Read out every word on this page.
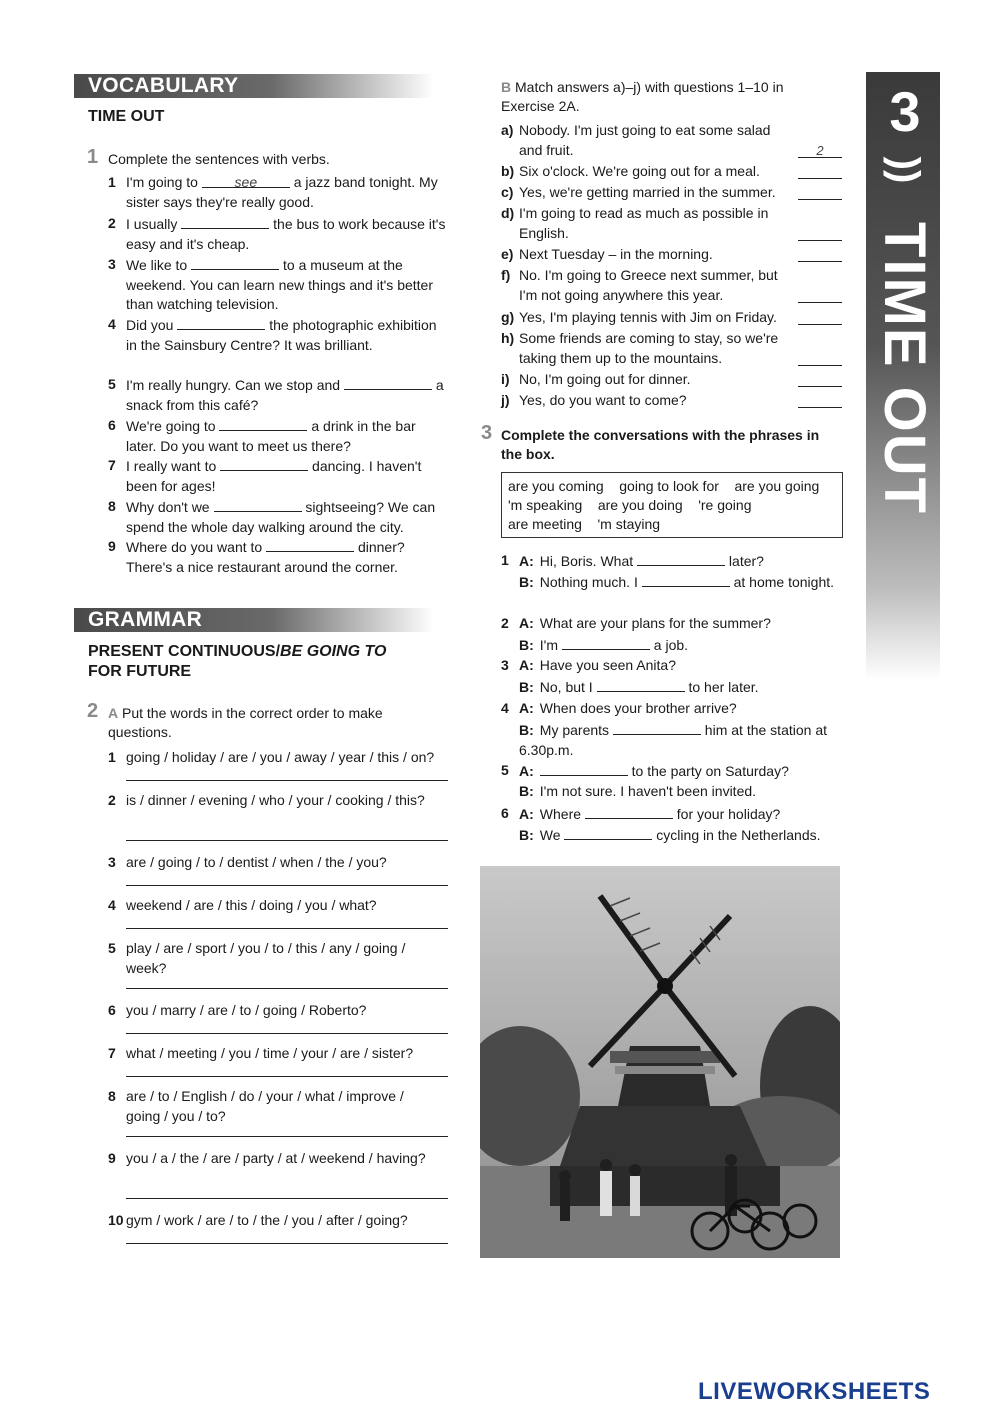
3
))
TIME OUT
VOCABULARY
TIME OUT
1 Complete the sentences with verbs.
1 I'm going to see a jazz band tonight. My sister says they're really good.
2 I usually	the bus to work because it's easy and it's cheap.
3 We like to	to a museum at the weekend. You can learn new things and it's better than watching television.
4 Did you	the photographic exhibition in the Sainsbury Centre? It was brilliant.
5 I'm really hungry. Can we stop and	a snack from this café?
6 We're going to	a drink in the bar later. Do you want to meet us there?
7 I really want to	dancing. I haven't been for ages!
8 Why don't we	sightseeing? We can spend the whole day walking around the city.
9 Where do you want to	dinner? There's a nice restaurant around the corner.
GRAMMAR
PRESENT CONTINUOUS/BE GOING TO
FOR FUTURE
2 A Put the words in the correct order to make questions.
1 going / holiday / are / you / away / year / this / on?
2 is / dinner / evening / who / your / cooking / this?
3 are / going / to / dentist / when / the / you?
4 weekend / are / this / doing / you / what?
5 play / are / sport / you / to / this / any / going / week?
6 you / marry / are / to / going / Roberto?
7 what / meeting / you / time / your / are / sister?
8 are / to / English / do / your / what / improve / going / you / to?
9 you / a / the / are / party / at / weekend / having?
10 gym / work / are / to / the / you / after / going?
B Match answers a)–j) with questions 1–10 in Exercise 2A.
a) Nobody. I'm just going to eat some salad and fruit.	2
b) Six o'clock. We're going out for a meal.
c) Yes, we're getting married in the summer.
d) I'm going to read as much as possible in English.
e) Next Tuesday – in the morning.
f) No. I'm going to Greece next summer, but I'm not going anywhere this year.
g) Yes, I'm playing tennis with Jim on Friday.
h) Some friends are coming to stay, so we're taking them up to the mountains.
i) No, I'm going out for dinner.
j) Yes, do you want to come?
3 Complete the conversations with the phrases in the box.
are you coming    going to look for    are you going
'm speaking    are you doing    're going
are meeting    'm staying
1 A: Hi, Boris. What	later?
B: Nothing much. I	at home tonight.
2 A: What are your plans for the summer?
B: I'm	a job.
3 A: Have you seen Anita?
B: No, but I	to her later.
4 A: When does your brother arrive?
B: My parents	him at the station at 6.30p.m.
5 A:	to the party on Saturday?
B: I'm not sure. I haven't been invited.
6 A: Where	for your holiday?
B: We	cycling in the Netherlands.
LIVEWORKSHEETS
